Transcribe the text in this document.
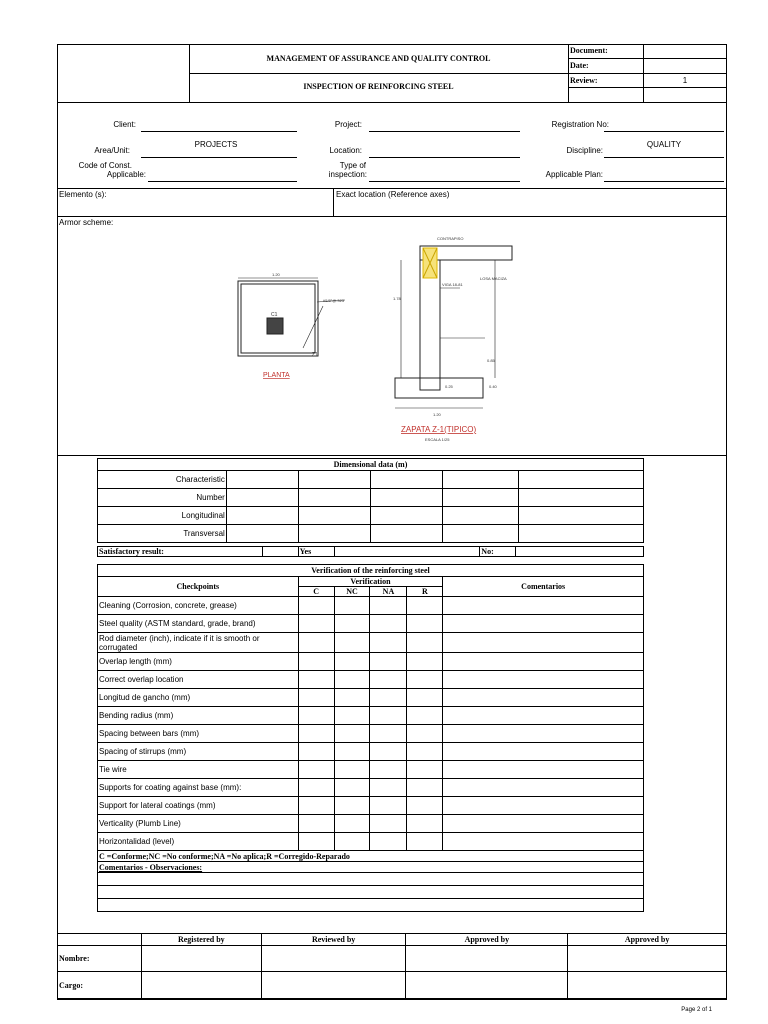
MANAGEMENT OF ASSURANCE AND QUALITY CONTROL
INSPECTION OF REINFORCING STEEL
Document:
Date:
Review:	1
Client:	Project:	Registration No:
Area/Unit:
PROJECTS
Location:	Discipline:
QUALITY
Code of Const.
Applicable:
Type of
inspection:	Applicable Plan:
Elemento (s):	Exact location (Reference axes)
Armor scheme:
1.20
#5/8"@.325
C1
Z1
PLANTA
CONTRAPISO
LOSA MACIZA
VIGA 18-81
1.78
0.85
0.40
0.25
1.20
ZAPATA Z-1(TIPICO)
ESCALA 1/25
Dimensional data (m)					
Characteristic					
Number					
Longitudinal					
Transversal					
Satisfactory result:			Yes		No:	
Verification of the reinforcing steel					
Checkpoints	Verification				Comentarios
	C	NC	NA	R	
Cleaning (Corrosion, concrete, grease)					
Steel quality (ASTM standard, grade, brand)					
Rod diameter (inch), indicate if it is smooth or corrugated					
Overlap length (mm)					
Correct overlap location					
Longitud de gancho (mm)					
Bending radius (mm)					
Spacing between bars (mm)					
Spacing of stirrups (mm)					
Tie wire					
Supports for coating against base (mm):					
Support for lateral coatings (mm)					
Verticality (Plumb Line)					
Horizontalidad (level)					
C =Conforme;NC =No conforme;NA =No aplica;R =Corregido-Reparado					
Comentarios - Observaciones:					

	Registered by	Reviewed by	Approved by	Approved by
Nombre:				
Cargo:				
Page 2 of 1
